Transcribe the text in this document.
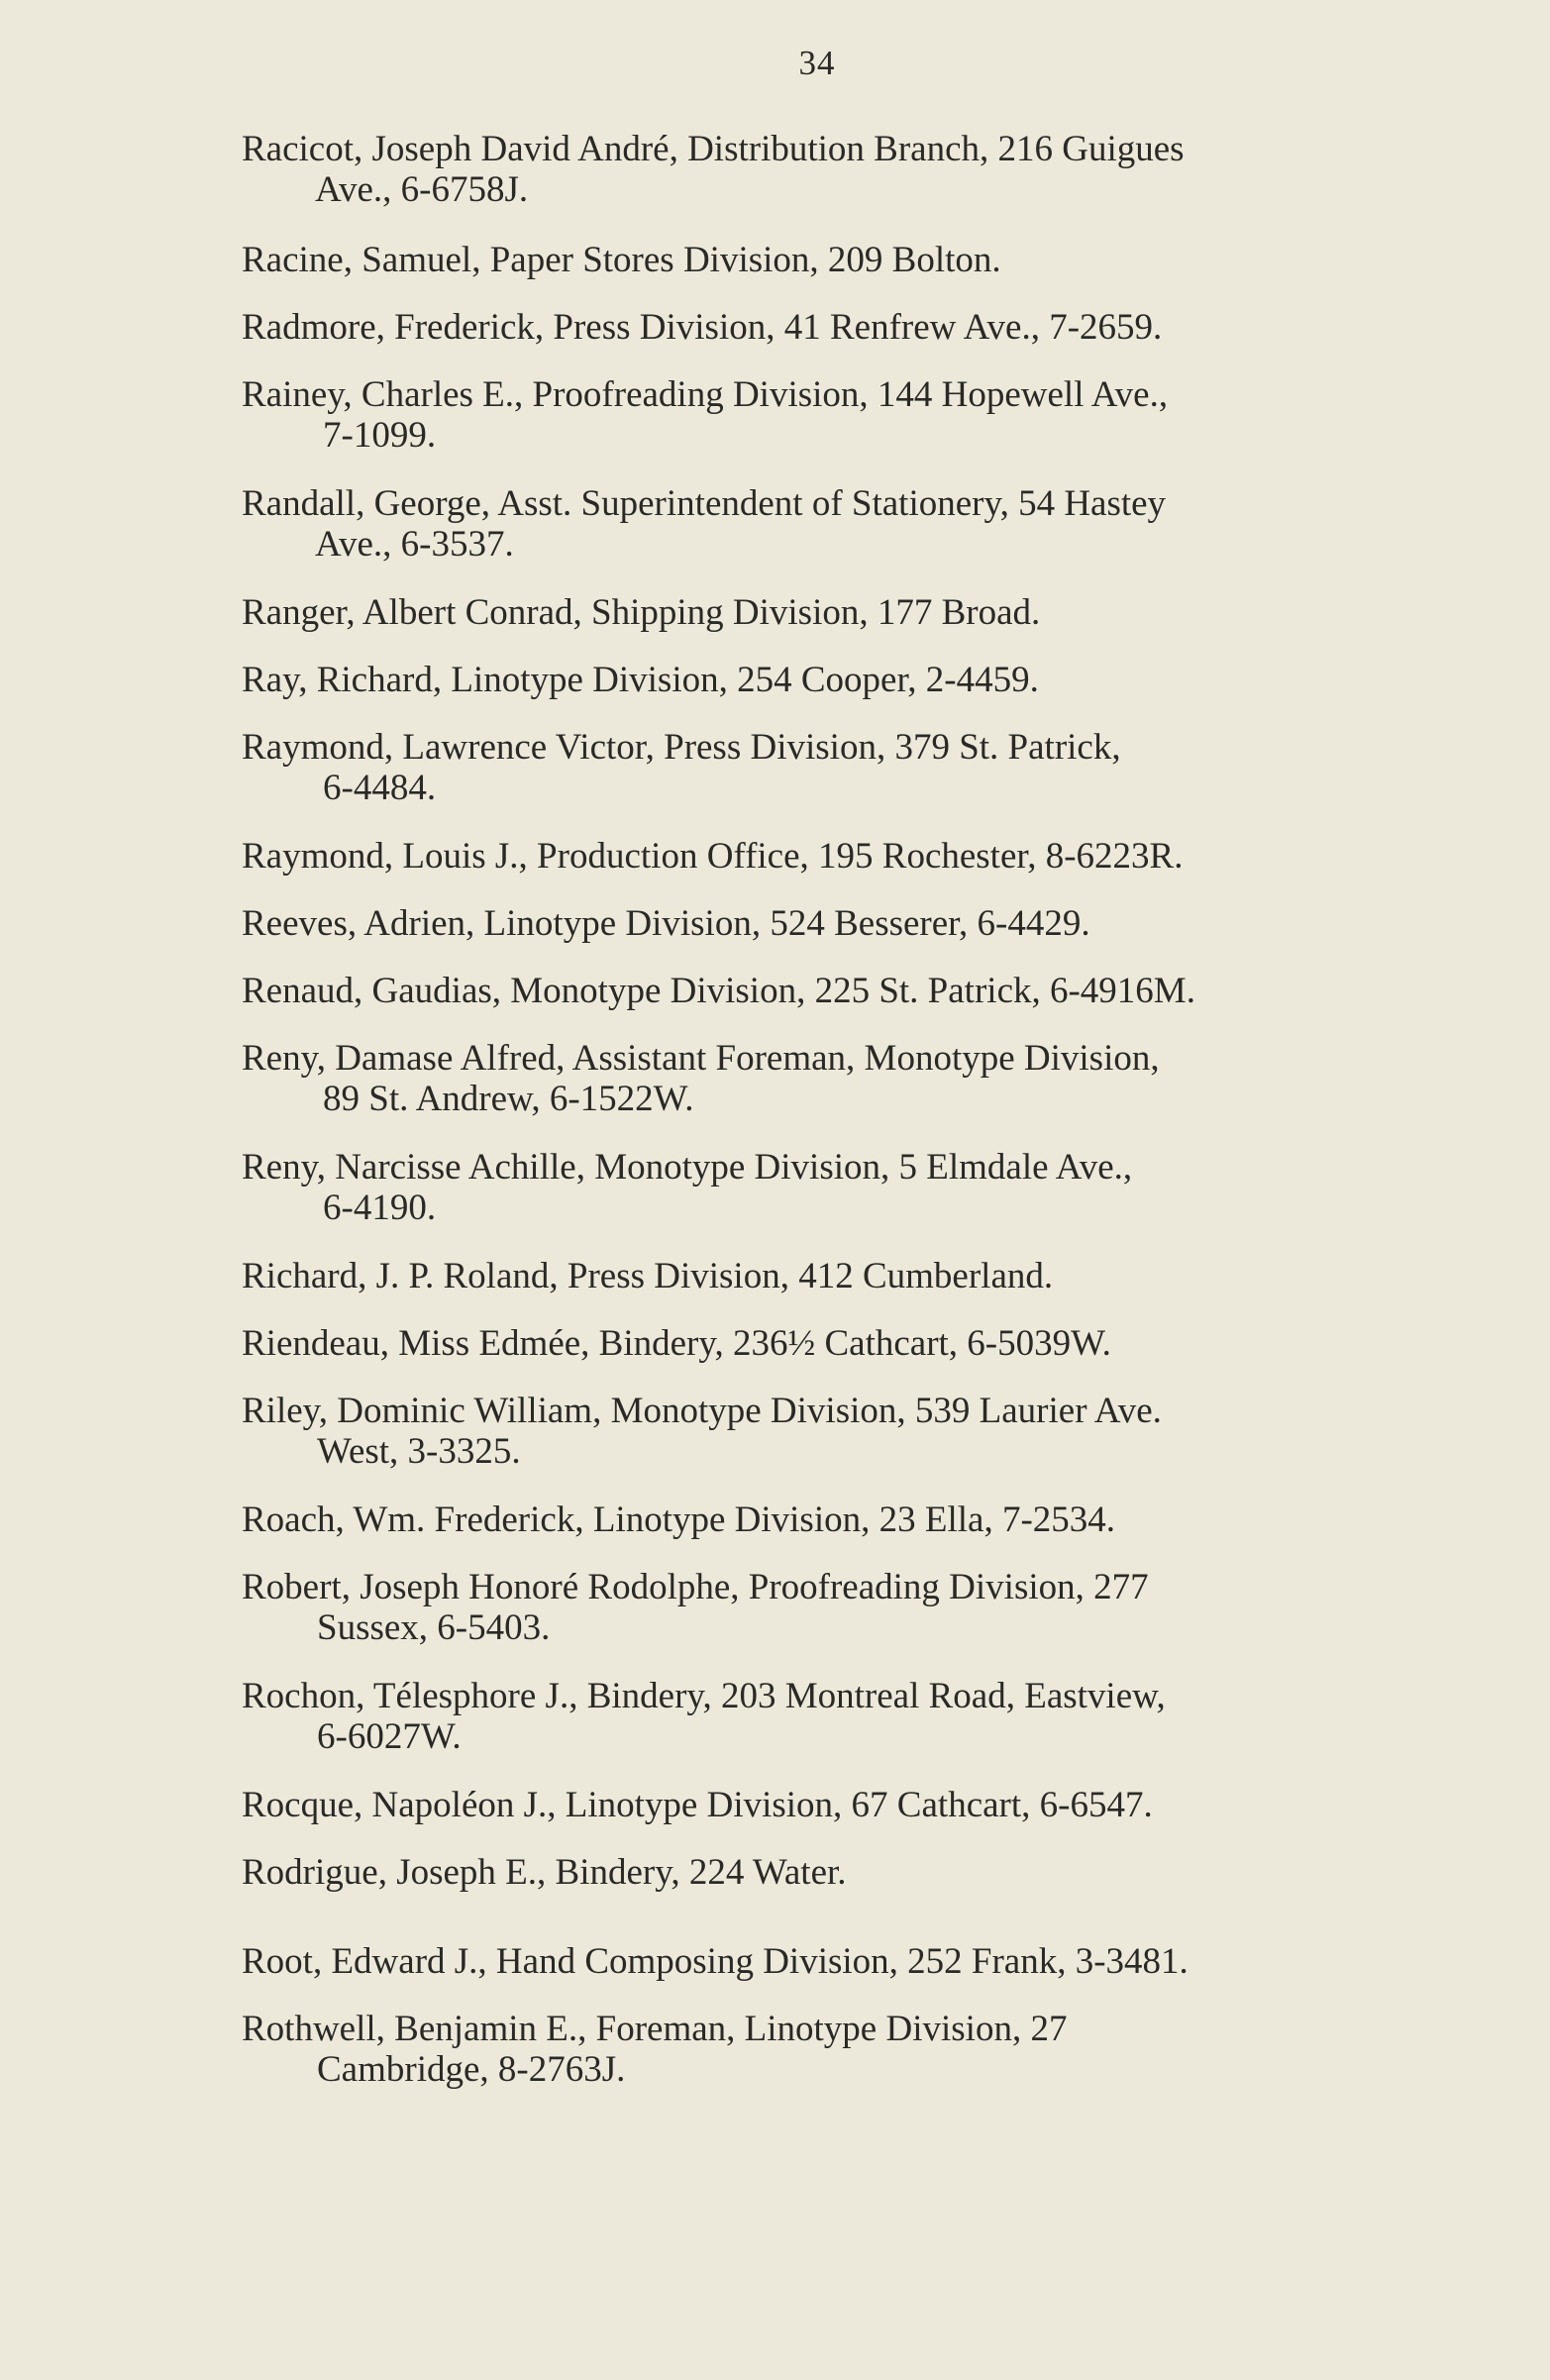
34
Racicot, Joseph David André, Distribution Branch, 216 Guigues
Ave., 6-6758J.
Racine, Samuel, Paper Stores Division, 209 Bolton.
Radmore, Frederick, Press Division, 41 Renfrew Ave., 7-2659.
Rainey, Charles E., Proofreading Division, 144 Hopewell Ave.,
7-1099.
Randall, George, Asst. Superintendent of Stationery, 54 Hastey
Ave., 6-3537.
Ranger, Albert Conrad, Shipping Division, 177 Broad.
Ray, Richard, Linotype Division, 254 Cooper, 2-4459.
Raymond, Lawrence Victor, Press Division, 379 St. Patrick,
6-4484.
Raymond, Louis J., Production Office, 195 Rochester, 8-6223R.
Reeves, Adrien, Linotype Division, 524 Besserer, 6-4429.
Renaud, Gaudias, Monotype Division, 225 St. Patrick, 6-4916M.
Reny, Damase Alfred, Assistant Foreman, Monotype Division,
89 St. Andrew, 6-1522W.
Reny, Narcisse Achille, Monotype Division, 5 Elmdale Ave.,
6-4190.
Richard, J. P. Roland, Press Division, 412 Cumberland.
Riendeau, Miss Edmée, Bindery, 236½ Cathcart, 6-5039W.
Riley, Dominic William, Monotype Division, 539 Laurier Ave.
West, 3-3325.
Roach, Wm. Frederick, Linotype Division, 23 Ella, 7-2534.
Robert, Joseph Honoré Rodolphe, Proofreading Division, 277
Sussex, 6-5403.
Rochon, Télesphore J., Bindery, 203 Montreal Road, Eastview,
6-6027W.
Rocque, Napoléon J., Linotype Division, 67 Cathcart, 6-6547.
Rodrigue, Joseph E., Bindery, 224 Water.
Root, Edward J., Hand Composing Division, 252 Frank, 3-3481.
Rothwell, Benjamin E., Foreman, Linotype Division, 27
Cambridge, 8-2763J.
